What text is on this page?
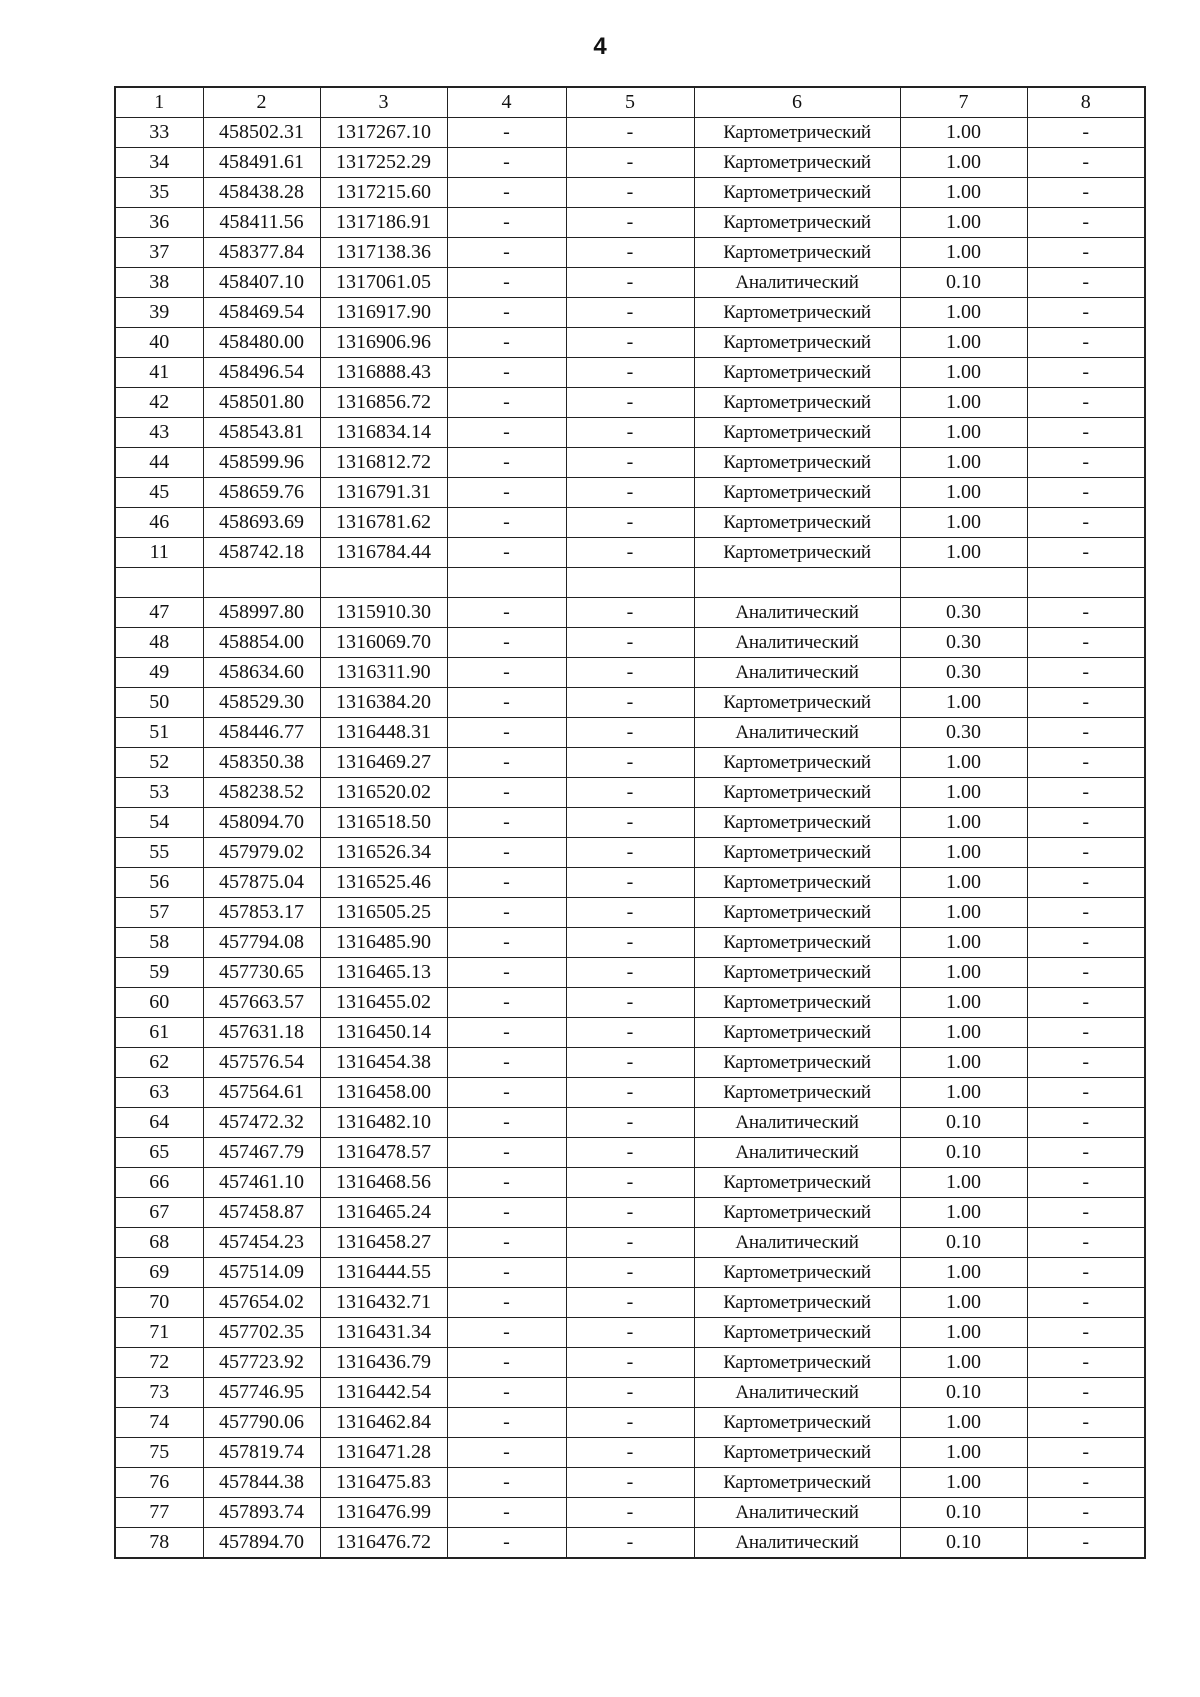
4
1	2	3	4	5	6	7	8
33	458502.31	1317267.10	-	-	Картометрический	1.00	-
34	458491.61	1317252.29	-	-	Картометрический	1.00	-
35	458438.28	1317215.60	-	-	Картометрический	1.00	-
36	458411.56	1317186.91	-	-	Картометрический	1.00	-
37	458377.84	1317138.36	-	-	Картометрический	1.00	-
38	458407.10	1317061.05	-	-	Аналитический	0.10	-
39	458469.54	1316917.90	-	-	Картометрический	1.00	-
40	458480.00	1316906.96	-	-	Картометрический	1.00	-
41	458496.54	1316888.43	-	-	Картометрический	1.00	-
42	458501.80	1316856.72	-	-	Картометрический	1.00	-
43	458543.81	1316834.14	-	-	Картометрический	1.00	-
44	458599.96	1316812.72	-	-	Картометрический	1.00	-
45	458659.76	1316791.31	-	-	Картометрический	1.00	-
46	458693.69	1316781.62	-	-	Картометрический	1.00	-
11	458742.18	1316784.44	-	-	Картометрический	1.00	-

47	458997.80	1315910.30	-	-	Аналитический	0.30	-
48	458854.00	1316069.70	-	-	Аналитический	0.30	-
49	458634.60	1316311.90	-	-	Аналитический	0.30	-
50	458529.30	1316384.20	-	-	Картометрический	1.00	-
51	458446.77	1316448.31	-	-	Аналитический	0.30	-
52	458350.38	1316469.27	-	-	Картометрический	1.00	-
53	458238.52	1316520.02	-	-	Картометрический	1.00	-
54	458094.70	1316518.50	-	-	Картометрический	1.00	-
55	457979.02	1316526.34	-	-	Картометрический	1.00	-
56	457875.04	1316525.46	-	-	Картометрический	1.00	-
57	457853.17	1316505.25	-	-	Картометрический	1.00	-
58	457794.08	1316485.90	-	-	Картометрический	1.00	-
59	457730.65	1316465.13	-	-	Картометрический	1.00	-
60	457663.57	1316455.02	-	-	Картометрический	1.00	-
61	457631.18	1316450.14	-	-	Картометрический	1.00	-
62	457576.54	1316454.38	-	-	Картометрический	1.00	-
63	457564.61	1316458.00	-	-	Картометрический	1.00	-
64	457472.32	1316482.10	-	-	Аналитический	0.10	-
65	457467.79	1316478.57	-	-	Аналитический	0.10	-
66	457461.10	1316468.56	-	-	Картометрический	1.00	-
67	457458.87	1316465.24	-	-	Картометрический	1.00	-
68	457454.23	1316458.27	-	-	Аналитический	0.10	-
69	457514.09	1316444.55	-	-	Картометрический	1.00	-
70	457654.02	1316432.71	-	-	Картометрический	1.00	-
71	457702.35	1316431.34	-	-	Картометрический	1.00	-
72	457723.92	1316436.79	-	-	Картометрический	1.00	-
73	457746.95	1316442.54	-	-	Аналитический	0.10	-
74	457790.06	1316462.84	-	-	Картометрический	1.00	-
75	457819.74	1316471.28	-	-	Картометрический	1.00	-
76	457844.38	1316475.83	-	-	Картометрический	1.00	-
77	457893.74	1316476.99	-	-	Аналитический	0.10	-
78	457894.70	1316476.72	-	-	Аналитический	0.10	-
